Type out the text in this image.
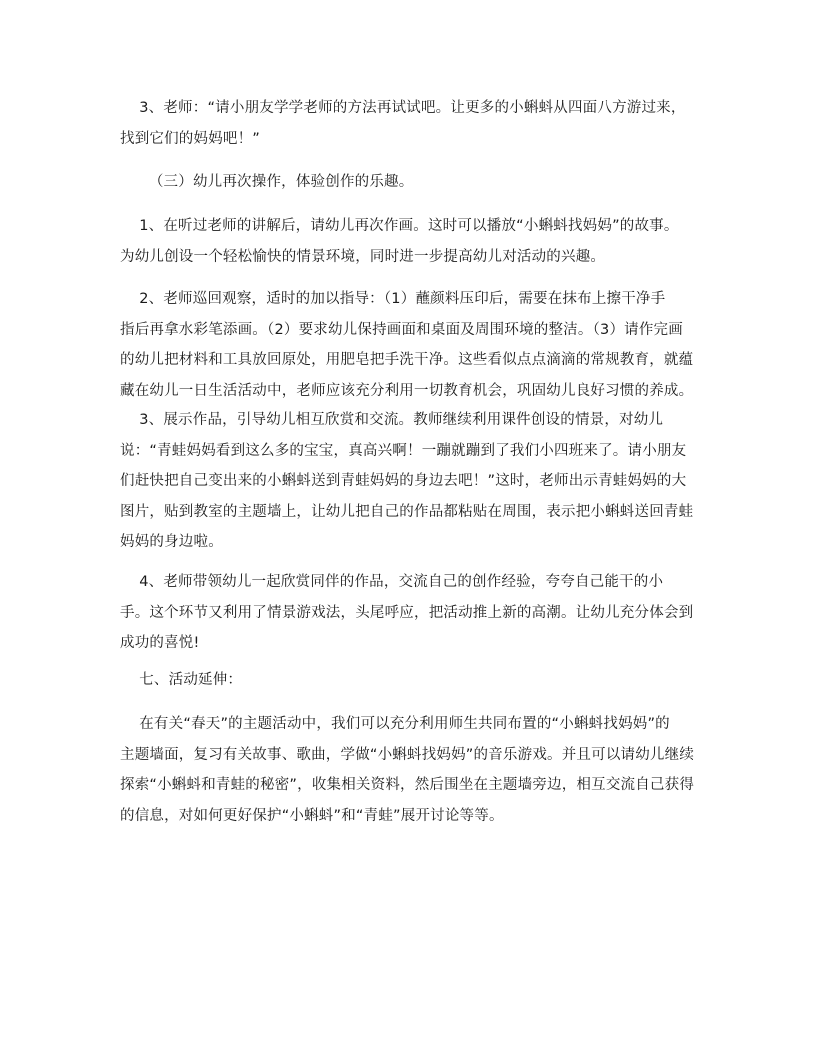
3、老师：“请小朋友学学老师的方法再试试吧。让更多的小蝌蚪从四面八方游过来，
找到它们的妈妈吧！”
（三）幼儿再次操作，体验创作的乐趣。
1、在听过老师的讲解后，请幼儿再次作画。这时可以播放“小蝌蚪找妈妈”的故事。
为幼儿创设一个轻松愉快的情景环境，同时进一步提高幼儿对活动的兴趣。
2、老师巡回观察，适时的加以指导：（1）蘸颜料压印后，需要在抹布上擦干净手
指后再拿水彩笔添画。（2）要求幼儿保持画面和桌面及周围环境的整洁。（3）请作完画
的幼儿把材料和工具放回原处，用肥皂把手洗干净。这些看似点点滴滴的常规教育，就蕴
藏在幼儿一日生活活动中，老师应该充分利用一切教育机会，巩固幼儿良好习惯的养成。
3、展示作品，引导幼儿相互欣赏和交流。教师继续利用课件创设的情景，对幼儿
说：“青蛙妈妈看到这么多的宝宝，真高兴啊！一蹦就蹦到了我们小四班来了。请小朋友
们赶快把自己变出来的小蝌蚪送到青蛙妈妈的身边去吧！”这时，老师出示青蛙妈妈的大
图片，贴到教室的主题墙上，让幼儿把自己的作品都粘贴在周围，表示把小蝌蚪送回青蛙
妈妈的身边啦。
4、老师带领幼儿一起欣赏同伴的作品，交流自己的创作经验，夸夸自己能干的小
手。这个环节又利用了情景游戏法，头尾呼应，把活动推上新的高潮。让幼儿充分体会到
成功的喜悦!
七、活动延伸：
在有关“春天”的主题活动中，我们可以充分利用师生共同布置的“小蝌蚪找妈妈”的
主题墙面，复习有关故事、歌曲，学做“小蝌蚪找妈妈”的音乐游戏。并且可以请幼儿继续
探索“小蝌蚪和青蛙的秘密”，收集相关资料，然后围坐在主题墙旁边，相互交流自己获得
的信息，对如何更好保护“小蝌蚪”和“青蛙”展开讨论等等。
